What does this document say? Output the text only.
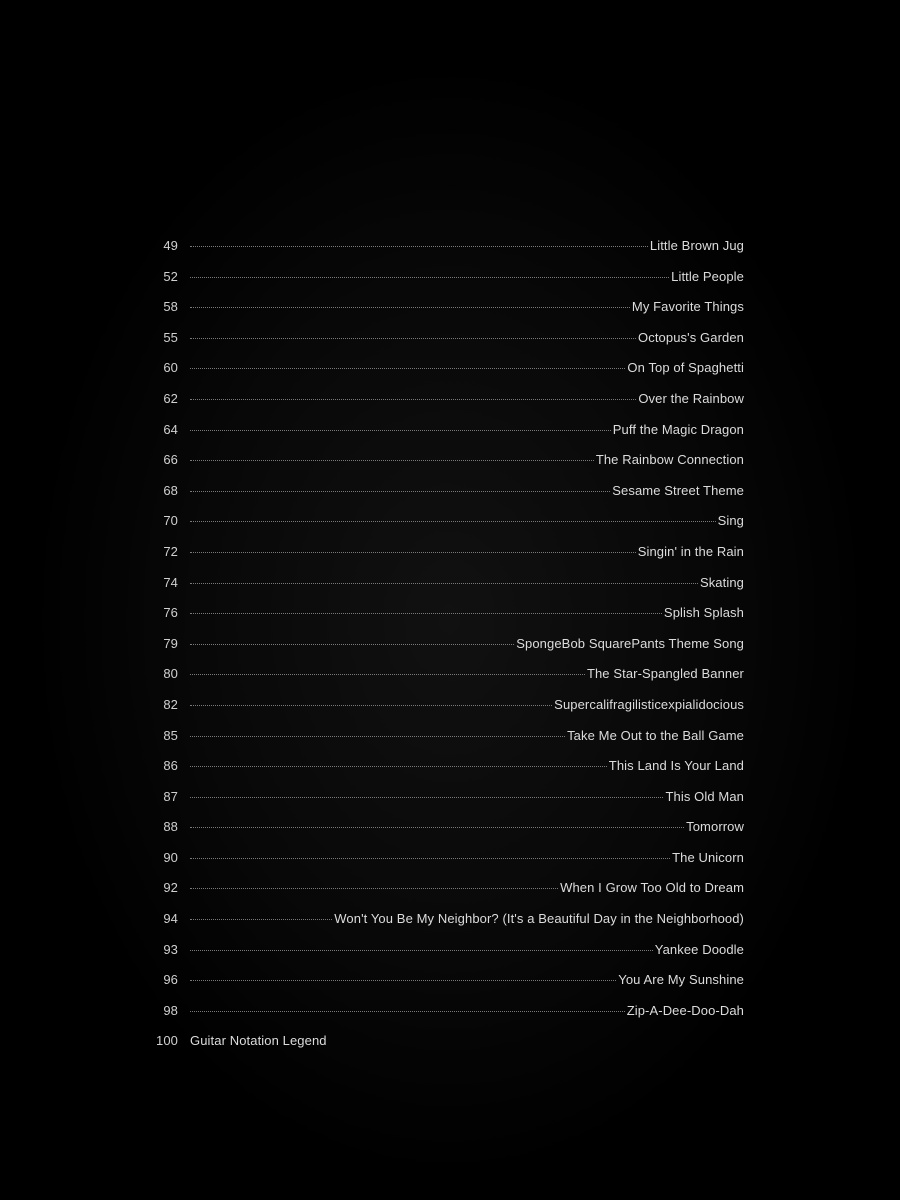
49	Little Brown Jug
52	Little People
58	My Favorite Things
55	Octopus's Garden
60	On Top of Spaghetti
62	Over the Rainbow
64	Puff the Magic Dragon
66	The Rainbow Connection
68	Sesame Street Theme
70	Sing
72	Singin' in the Rain
74	Skating
76	Splish Splash
79	SpongeBob SquarePants Theme Song
80	The Star-Spangled Banner
82	Supercalifragilisticexpialidocious
85	Take Me Out to the Ball Game
86	This Land Is Your Land
87	This Old Man
88	Tomorrow
90	The Unicorn
92	When I Grow Too Old to Dream
94	Won't You Be My Neighbor? (It's a Beautiful Day in the Neighborhood)
93	Yankee Doodle
96	You Are My Sunshine
98	Zip-A-Dee-Doo-Dah
100 Guitar Notation Legend
